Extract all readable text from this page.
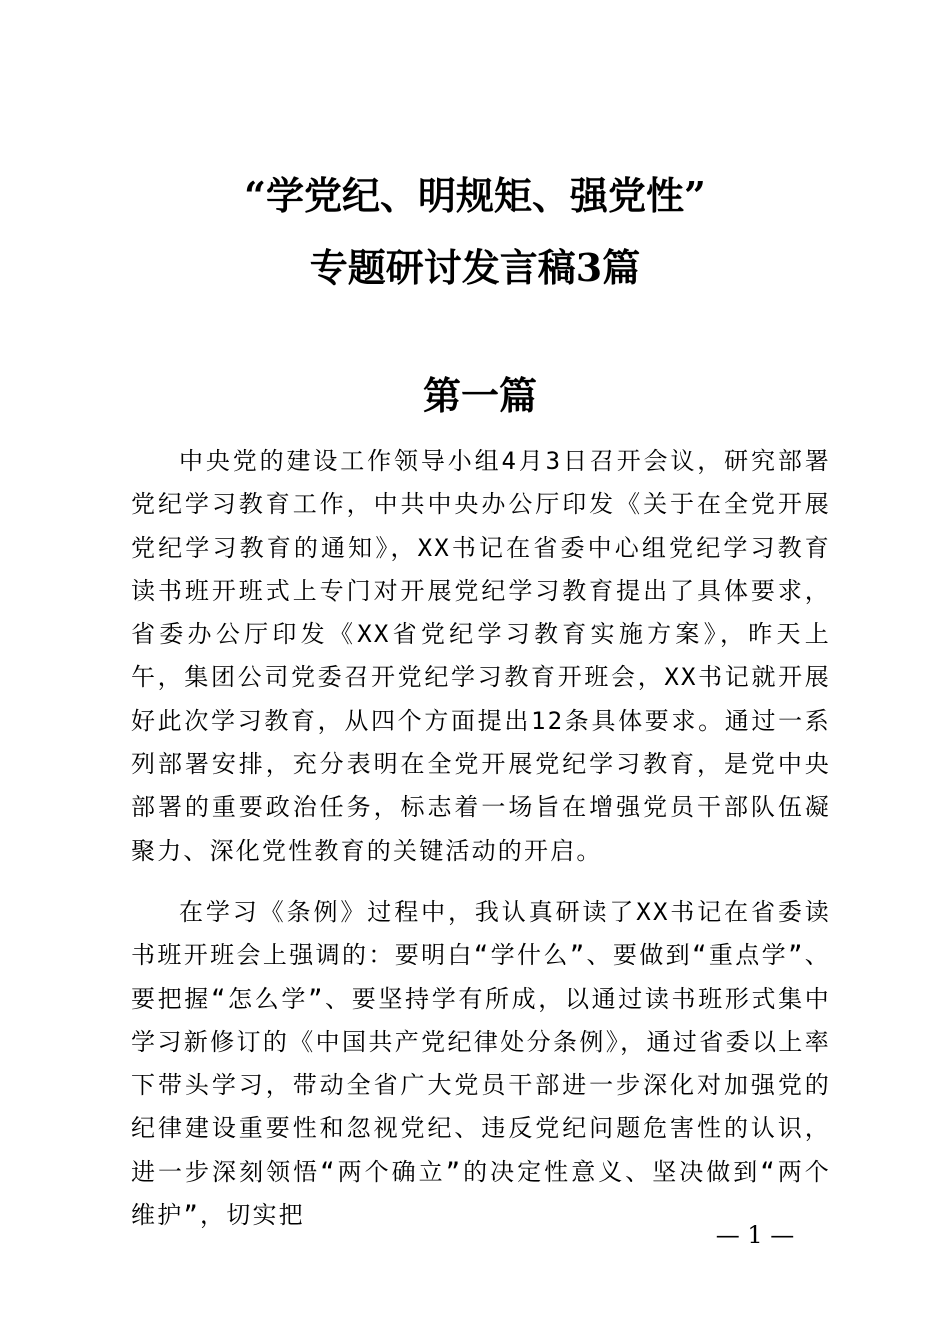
“学党纪、明规矩、强党性”
专题研讨发言稿3篇
第一篇

中央党的建设工作领导小组4月3日召开会议，研究部署党纪学习教育工作，中共中央办公厅印发《关于在全党开展党纪学习教育的通知》，XX书记在省委中心组党纪学习教育读书班开班式上专门对开展党纪学习教育提出了具体要求，省委办公厅印发《XX省党纪学习教育实施方案》，昨天上午，集团公司党委召开党纪学习教育开班会，XX书记就开展好此次学习教育，从四个方面提出12条具体要求。通过一系列部署安排，充分表明在全党开展党纪学习教育，是党中央部署的重要政治任务，标志着一场旨在增强党员干部队伍凝聚力、深化党性教育的关键活动的开启。

在学习《条例》过程中，我认真研读了XX书记在省委读书班开班会上强调的：要明白“学什么”、要做到“重点学”、要把握“怎么学”、要坚持学有所成，以通过读书班形式集中学习新修订的《中国共产党纪律处分条例》，通过省委以上率下带头学习，带动全省广大党员干部进一步深化对加强党的纪律建设重要性和忽视党纪、违反党纪问题危害性的认识，进一步深刻领悟“两个确立”的决定性意义、坚决做到“两个维护”，切实把

— 1 —
